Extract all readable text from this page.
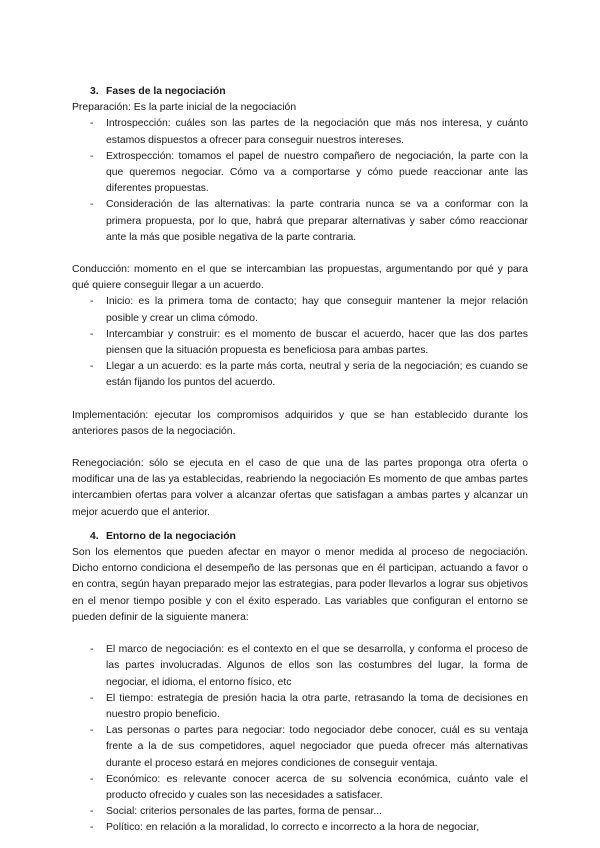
3. Fases de la negociación

Preparación: Es la parte inicial de la negociación

- Introspección: cuáles son las partes de la negociación que más nos interesa, y cuánto estamos dispuestos a ofrecer para conseguir nuestros intereses.
- Extrospección: tomamos el papel de nuestro compañero de negociación, la parte con la que queremos negociar. Cómo va a comportarse y cómo puede reaccionar ante las diferentes propuestas.
- Consideración de las alternativas: la parte contraria nunca se va a conformar con la primera propuesta, por lo que, habrá que preparar alternativas y saber cómo reaccionar ante la más que posible negativa de la parte contraria.

Conducción: momento en el que se intercambian las propuestas, argumentando por qué y para qué quiere conseguir llegar a un acuerdo.

- Inicio: es la primera toma de contacto; hay que conseguir mantener la mejor relación posible y crear un clima cómodo.
- Intercambiar y construir: es el momento de buscar el acuerdo, hacer que las dos partes piensen que la situación propuesta es beneficiosa para ambas partes.
- Llegar a un acuerdo: es la parte más corta, neutral y seria de la negociación; es cuando se están fijando los puntos del acuerdo.

Implementación: ejecutar los compromisos adquiridos y que se han establecido durante los anteriores pasos de la negociación.

Renegociación: sólo se ejecuta en el caso de que una de las partes proponga otra oferta o modificar una de las ya establecidas, reabriendo la negociación Es momento de que ambas partes intercambien ofertas para volver a alcanzar ofertas que satisfagan a ambas partes y alcanzar un mejor acuerdo que el anterior.

4. Entorno de la negociación

Son los elementos que pueden afectar en mayor o menor medida al proceso de negociación. Dicho entorno condiciona el desempeño de las personas que en él participan, actuando a favor o en contra, según hayan preparado mejor las estrategias, para poder llevarlos a lograr sus objetivos en el menor tiempo posible y con el éxito esperado. Las variables que configuran el entorno se pueden definir de la siguiente manera:

- El marco de negociación: es el contexto en el que se desarrolla, y conforma el proceso de las partes involucradas. Algunos de ellos son las costumbres del lugar, la forma de negociar, el idioma, el entorno físico, etc
- El tiempo: estrategia de presión hacia la otra parte, retrasando la toma de decisiones en nuestro propio beneficio.
- Las personas o partes para negociar: todo negociador debe conocer, cuál es su ventaja frente a la de sus competidores, aquel negociador que pueda ofrecer más alternativas durante el proceso estará en mejores condiciones de conseguir ventaja.
- Económico: es relevante conocer acerca de su solvencia económica, cuánto vale el producto ofrecido y cuales son las necesidades a satisfacer.
- Social: criterios personales de las partes, forma de pensar...
- Político: en relación a la moralidad, lo correcto e incorrecto a la hora de negociar,
